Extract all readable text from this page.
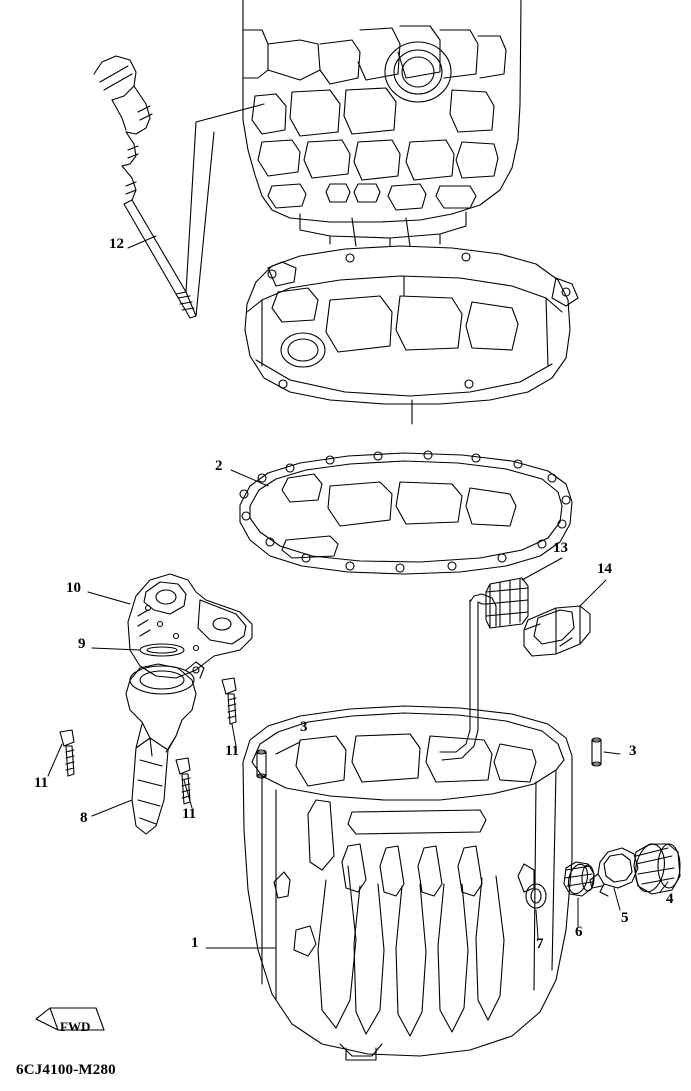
1
2
3
3
4
5
6
7
8
9
10
11
11
11
12
13
14
FWD
6CJ4100-M280
